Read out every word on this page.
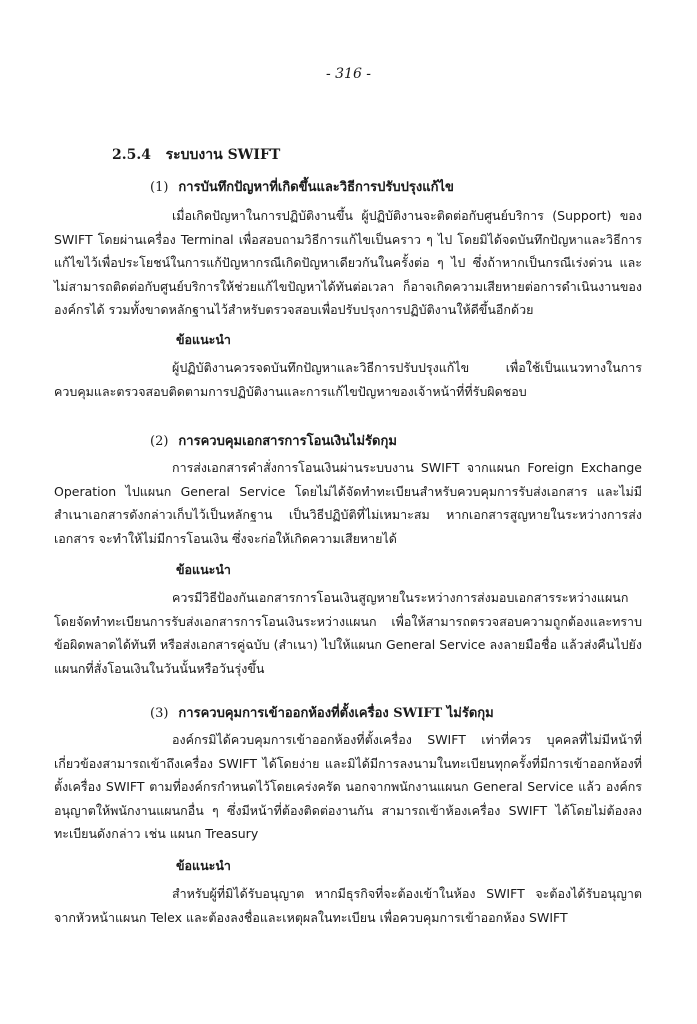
- 316 -
2.5.4 ระบบงาน SWIFT
(1) การบันทึกปัญหาที่เกิดขึ้นและวิธีการปรับปรุงแก้ไข
เมื่อเกิดปัญหาในการปฏิบัติงานขึ้น ผู้ปฏิบัติงานจะติดต่อกับศูนย์บริการ (Support) ของ SWIFT โดยผ่านเครื่อง Terminal เพื่อสอบถามวิธีการแก้ไขเป็นคราว ๆ ไป โดยมิได้จดบันทึกปัญหาและวิธีการแก้ไขไว้เพื่อประโยชน์ในการแก้ปัญหากรณีเกิดปัญหาเดียวกันในครั้งต่อ ๆ ไป ซึ่งถ้าหากเป็นกรณีเร่งด่วน และไม่สามารถติดต่อกับศูนย์บริการให้ช่วยแก้ไขปัญหาได้ทันต่อเวลา ก็อาจเกิดความเสียหายต่อการดำเนินงานขององค์กรได้ รวมทั้งขาดหลักฐานไว้สำหรับตรวจสอบเพื่อปรับปรุงการปฏิบัติงานให้ดีขึ้นอีกด้วย
ข้อแนะนำ
ผู้ปฏิบัติงานควรจดบันทึกปัญหาและวิธีการปรับปรุงแก้ไข เพื่อใช้เป็นแนวทางในการควบคุมและตรวจสอบติดตามการปฏิบัติงานและการแก้ไขปัญหาของเจ้าหน้าที่ที่รับผิดชอบ
(2) การควบคุมเอกสารการโอนเงินไม่รัดกุม
การส่งเอกสารคำสั่งการโอนเงินผ่านระบบงาน SWIFT จากแผนก Foreign Exchange Operation ไปแผนก General Service โดยไม่ได้จัดทำทะเบียนสำหรับควบคุมการรับส่งเอกสาร และไม่มีสำเนาเอกสารดังกล่าวเก็บไว้เป็นหลักฐาน เป็นวิธีปฏิบัติที่ไม่เหมาะสม หากเอกสารสูญหายในระหว่างการส่งเอกสาร จะทำให้ไม่มีการโอนเงิน ซึ่งจะก่อให้เกิดความเสียหายได้
ข้อแนะนำ
ควรมีวิธีป้องกันเอกสารการโอนเงินสูญหายในระหว่างการส่งมอบเอกสารระหว่างแผนก โดยจัดทำทะเบียนการรับส่งเอกสารการโอนเงินระหว่างแผนก เพื่อให้สามารถตรวจสอบความถูกต้องและทราบข้อผิดพลาดได้ทันที หรือส่งเอกสารคู่ฉบับ (สำเนา) ไปให้แผนก General Service ลงลายมือชื่อ แล้วส่งคืนไปยังแผนกที่สั่งโอนเงินในวันนั้นหรือวันรุ่งขึ้น
(3) การควบคุมการเข้าออกห้องที่ตั้งเครื่อง SWIFT ไม่รัดกุม
องค์กรมิได้ควบคุมการเข้าออกห้องที่ตั้งเครื่อง SWIFT เท่าที่ควร บุคคลที่ไม่มีหน้าที่เกี่ยวข้องสามารถเข้าถึงเครื่อง SWIFT ได้โดยง่าย และมิได้มีการลงนามในทะเบียนทุกครั้งที่มีการเข้าออกห้องที่ตั้งเครื่อง SWIFT ตามที่องค์กรกำหนดไว้โดยเคร่งครัด นอกจากพนักงานแผนก General Service แล้ว องค์กรอนุญาตให้พนักงานแผนกอื่น ๆ ซึ่งมีหน้าที่ต้องติดต่องานกัน สามารถเข้าห้องเครื่อง SWIFT ได้โดยไม่ต้องลงทะเบียนดังกล่าว เช่น แผนก Treasury
ข้อแนะนำ
สำหรับผู้ที่มิได้รับอนุญาต หากมีธุรกิจที่จะต้องเข้าในห้อง SWIFT จะต้องได้รับอนุญาตจากหัวหน้าแผนก Telex และต้องลงชื่อและเหตุผลในทะเบียน เพื่อควบคุมการเข้าออกห้อง SWIFT
